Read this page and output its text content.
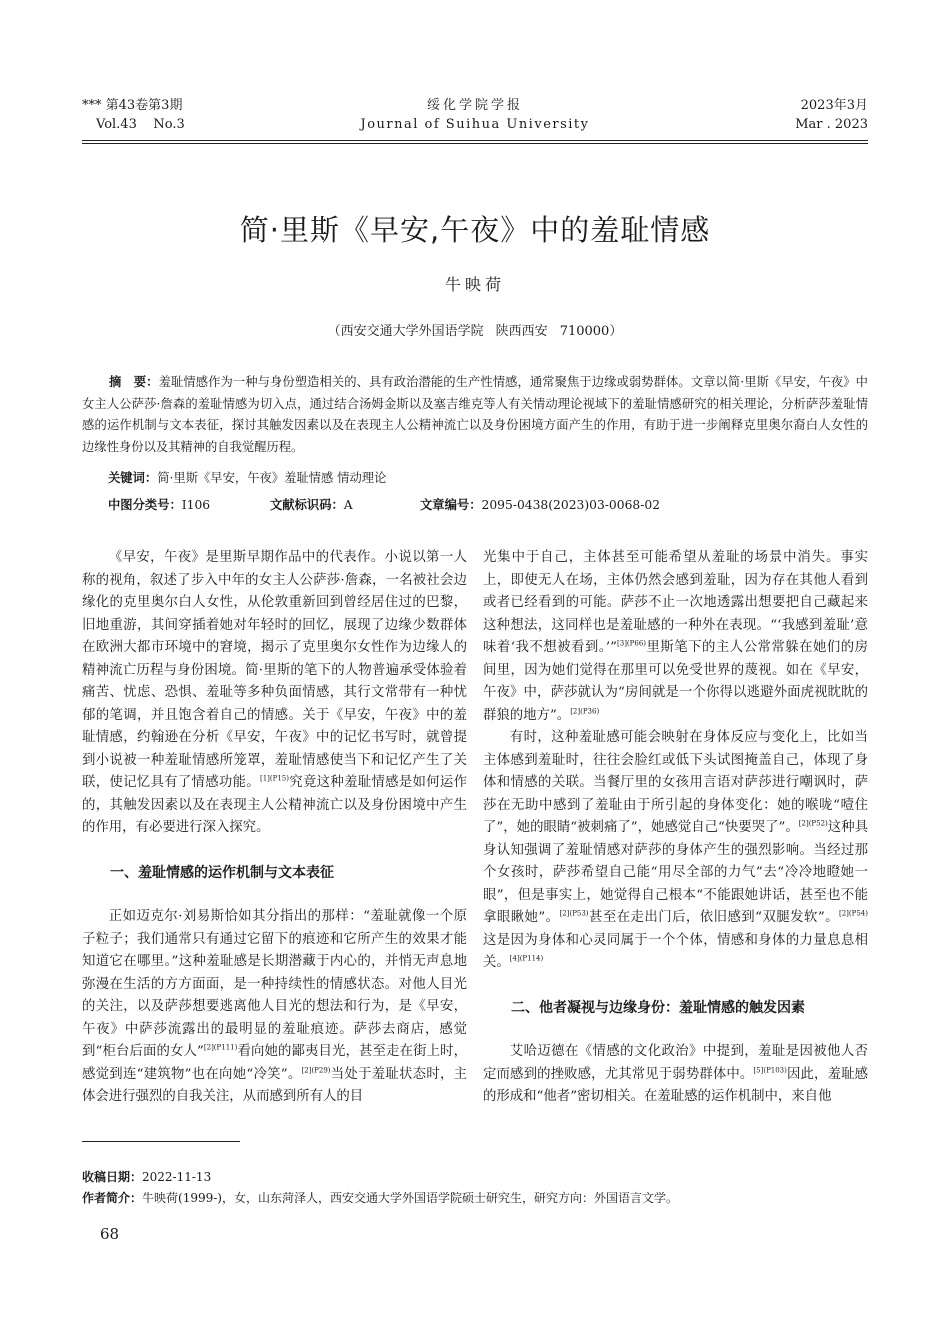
*** 第43卷第3期	绥化学院学报	2023年3月
Vol.43    No.3	Journal of Suihua University	Mar . 2023
简·里斯《早安,午夜》中的羞耻情感
牛映荷
（西安交通大学外国语学院 陕西西安 710000）

摘　要：羞耻情感作为一种与身份塑造相关的、具有政治潜能的生产性情感，通常聚焦于边缘或弱势群体。文章以简·里斯《早安，午夜》中女主人公萨莎·詹森的羞耻情感为切入点，通过结合汤姆金斯以及塞吉维克等人有关情动理论视域下的羞耻情感研究的相关理论，分析萨莎羞耻情感的运作机制与文本表征，探讨其触发因素以及在表现主人公精神流亡以及身份困境方面产生的作用，有助于进一步阐释克里奥尔裔白人女性的边缘性身份以及其精神的自我觉醒历程。

关键词：简·里斯《早安，午夜》羞耻情感 情动理论
中图分类号：I106	文献标识码：A	文章编号：2095-0438(2023)03-0068-02

《早安，午夜》是里斯早期作品中的代表作。小说以第一人称的视角，叙述了步入中年的女主人公萨莎·詹森，一名被社会边缘化的克里奥尔白人女性，从伦敦重新回到曾经居住过的巴黎，旧地重游，其间穿插着她对年轻时的回忆，展现了边缘少数群体在欧洲大都市环境中的窘境，揭示了克里奥尔女性作为边缘人的精神流亡历程与身份困境。简·里斯的笔下的人物普遍承受体验着痛苦、忧虑、恐惧、羞耻等多种负面情感，其行文常带有一种忧郁的笔调，并且饱含着自己的情感。关于《早安，午夜》中的羞耻情感，约翰逊在分析《早安，午夜》中的记忆书写时，就曾提到小说被一种羞耻情感所笼罩，羞耻情感使当下和记忆产生了关联，使记忆具有了情感功能。$^{[1](P15)}$究竟这种羞耻情感是如何运作的，其触发因素以及在表现主人公精神流亡以及身份困境中产生的作用，有必要进行深入探究。

一、羞耻情感的运作机制与文本表征

正如迈克尔·刘易斯恰如其分指出的那样：“羞耻就像一个原子粒子；我们通常只有通过它留下的痕迹和它所产生的效果才能知道它在哪里。”这种羞耻感是长期潜藏于内心的，并悄无声息地弥漫在生活的方方面面，是一种持续性的情感状态。对他人目光的关注，以及萨莎想要逃离他人目光的想法和行为，是《早安，午夜》中萨莎流露出的最明显的羞耻痕迹。萨莎去商店，感觉到“柜台后面的女人”$^{[2](P111)}$看向她的鄙夷目光，甚至走在街上时，感觉到连“建筑物”也在向她“冷笑”。$^{[2](P29)}$当处于羞耻状态时，主体会进行强烈的自我关注，从而感到所有人的目

光集中于自己，主体甚至可能希望从羞耻的场景中消失。事实上，即使无人在场，主体仍然会感到羞耻，因为存在其他人看到或者已经看到的可能。萨莎不止一次地透露出想要把自己藏起来这种想法，这同样也是羞耻感的一种外在表现。“‘我感到羞耻’意味着‘我不想被看到。’”$^{[3](P66)}$里斯笔下的主人公常常躲在她们的房间里，因为她们觉得在那里可以免受世界的蔑视。如在《早安，午夜》中，萨莎就认为“房间就是一个你得以逃避外面虎视眈眈的群狼的地方”。$^{[2](P36)}$

有时，这种羞耻感可能会映射在身体反应与变化上，比如当主体感到羞耻时，往往会脸红或低下头试图掩盖自己，体现了身体和情感的关联。当餐厅里的女孩用言语对萨莎进行嘲讽时，萨莎在无助中感到了羞耻由于所引起的身体变化：她的喉咙“噎住了”，她的眼睛“被刺痛了”，她感觉自己“快要哭了”。$^{[2](P52)}$这种具身认知强调了羞耻情感对萨莎的身体产生的强烈影响。当经过那个女孩时，萨莎希望自己能“用尽全部的力气”去“冷冷地瞪她一眼”，但是事实上，她觉得自己根本“不能跟她讲话，甚至也不能拿眼瞅她”。$^{[2](P53)}$甚至在走出门后，依旧感到“双腿发软”。$^{[2](P54)}$这是因为身体和心灵同属于一个个体，情感和身体的力量息息相关。$^{[4](P114)}$

二、他者凝视与边缘身份：羞耻情感的触发因素

艾哈迈德在《情感的文化政治》中提到，羞耻是因被他人否定而感到的挫败感，尤其常见于弱势群体中。$^{[5](P103)}$因此，羞耻感的形成和“他者”密切相关。在羞耻感的运作机制中，来自他

收稿日期：2022-11-13
作者简介：牛映荷(1999-)，女，山东菏泽人，西安交通大学外国语学院硕士研究生，研究方向：外国语言文学。
68
